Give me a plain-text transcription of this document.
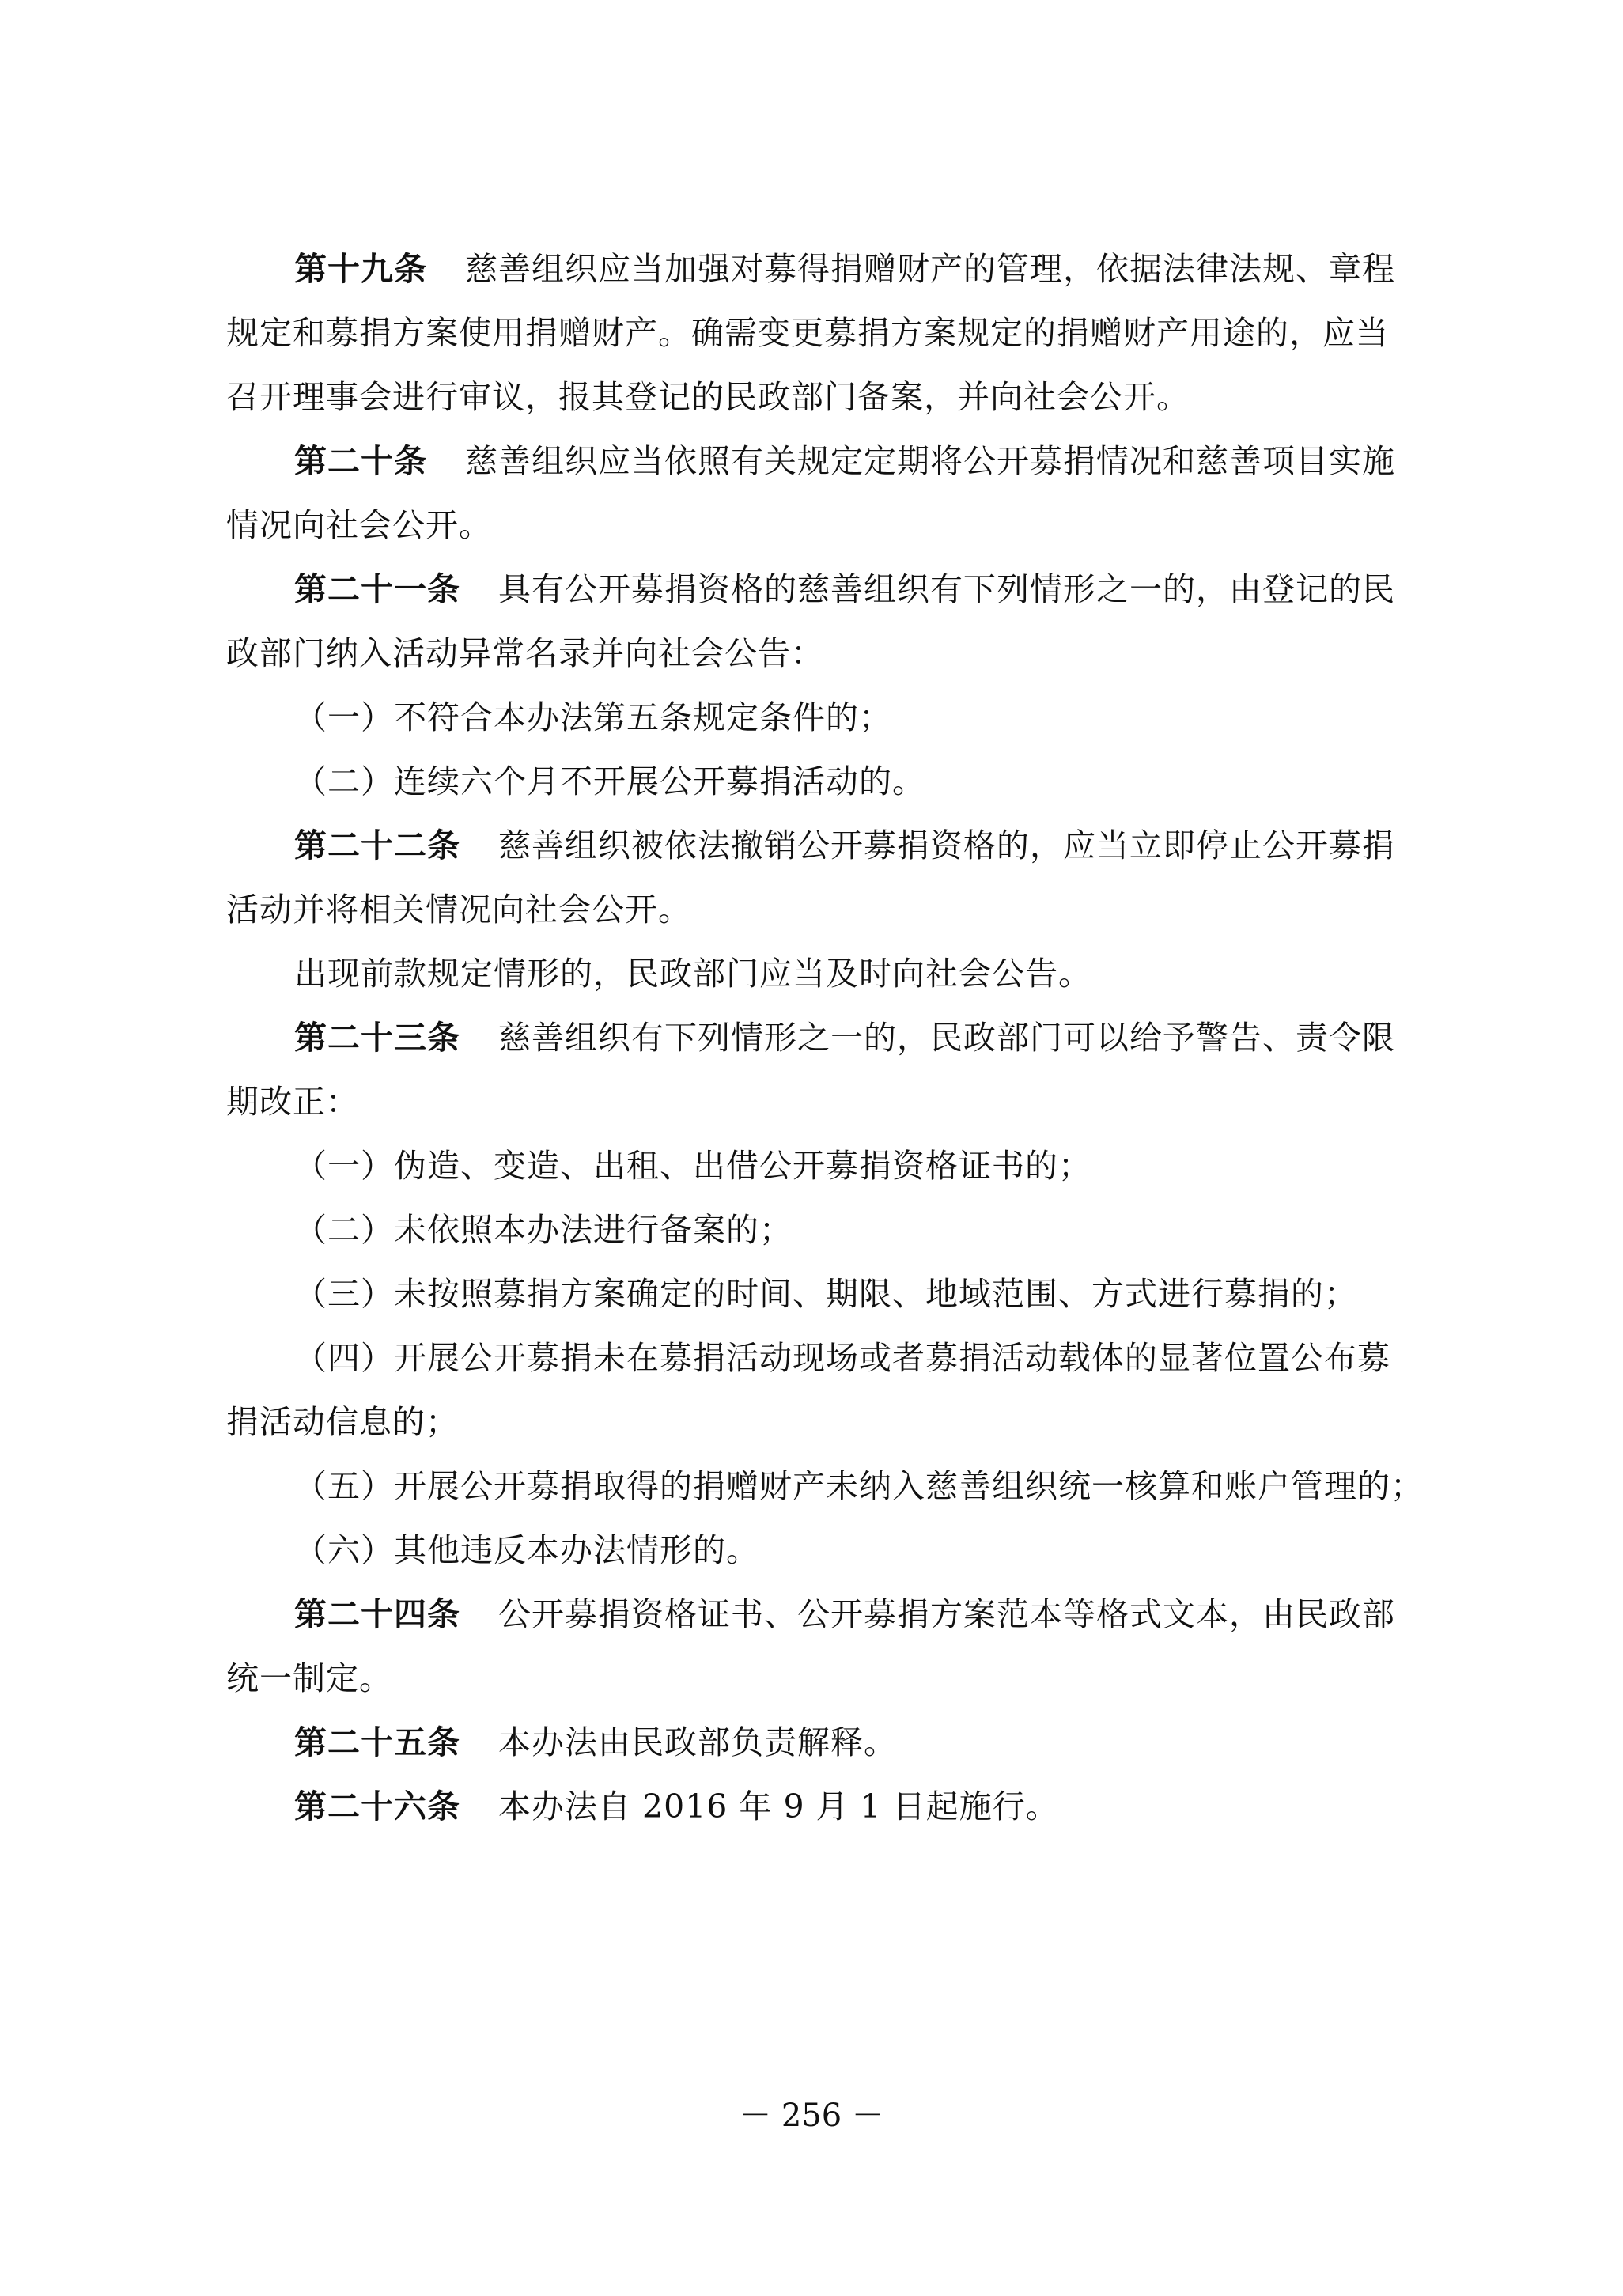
第十九条 慈善组织应当加强对募得捐赠财产的管理，依据法律法规、章程
规定和募捐方案使用捐赠财产。确需变更募捐方案规定的捐赠财产用途的，应当
召开理事会进行审议，报其登记的民政部门备案，并向社会公开。
第二十条 慈善组织应当依照有关规定定期将公开募捐情况和慈善项目实施
情况向社会公开。
第二十一条 具有公开募捐资格的慈善组织有下列情形之一的，由登记的民
政部门纳入活动异常名录并向社会公告：
（一）不符合本办法第五条规定条件的；
（二）连续六个月不开展公开募捐活动的。
第二十二条 慈善组织被依法撤销公开募捐资格的，应当立即停止公开募捐
活动并将相关情况向社会公开。
出现前款规定情形的，民政部门应当及时向社会公告。
第二十三条 慈善组织有下列情形之一的，民政部门可以给予警告、责令限
期改正：
（一）伪造、变造、出租、出借公开募捐资格证书的；
（二）未依照本办法进行备案的；
（三）未按照募捐方案确定的时间、期限、地域范围、方式进行募捐的；
（四）开展公开募捐未在募捐活动现场或者募捐活动载体的显著位置公布募
捐活动信息的；
（五）开展公开募捐取得的捐赠财产未纳入慈善组织统一核算和账户管理的；
（六）其他违反本办法情形的。
第二十四条 公开募捐资格证书、公开募捐方案范本等格式文本，由民政部
统一制定。
第二十五条 本办法由民政部负责解释。
第二十六条 本办法自 2016 年 9 月 1 日起施行。
－ 256 －
